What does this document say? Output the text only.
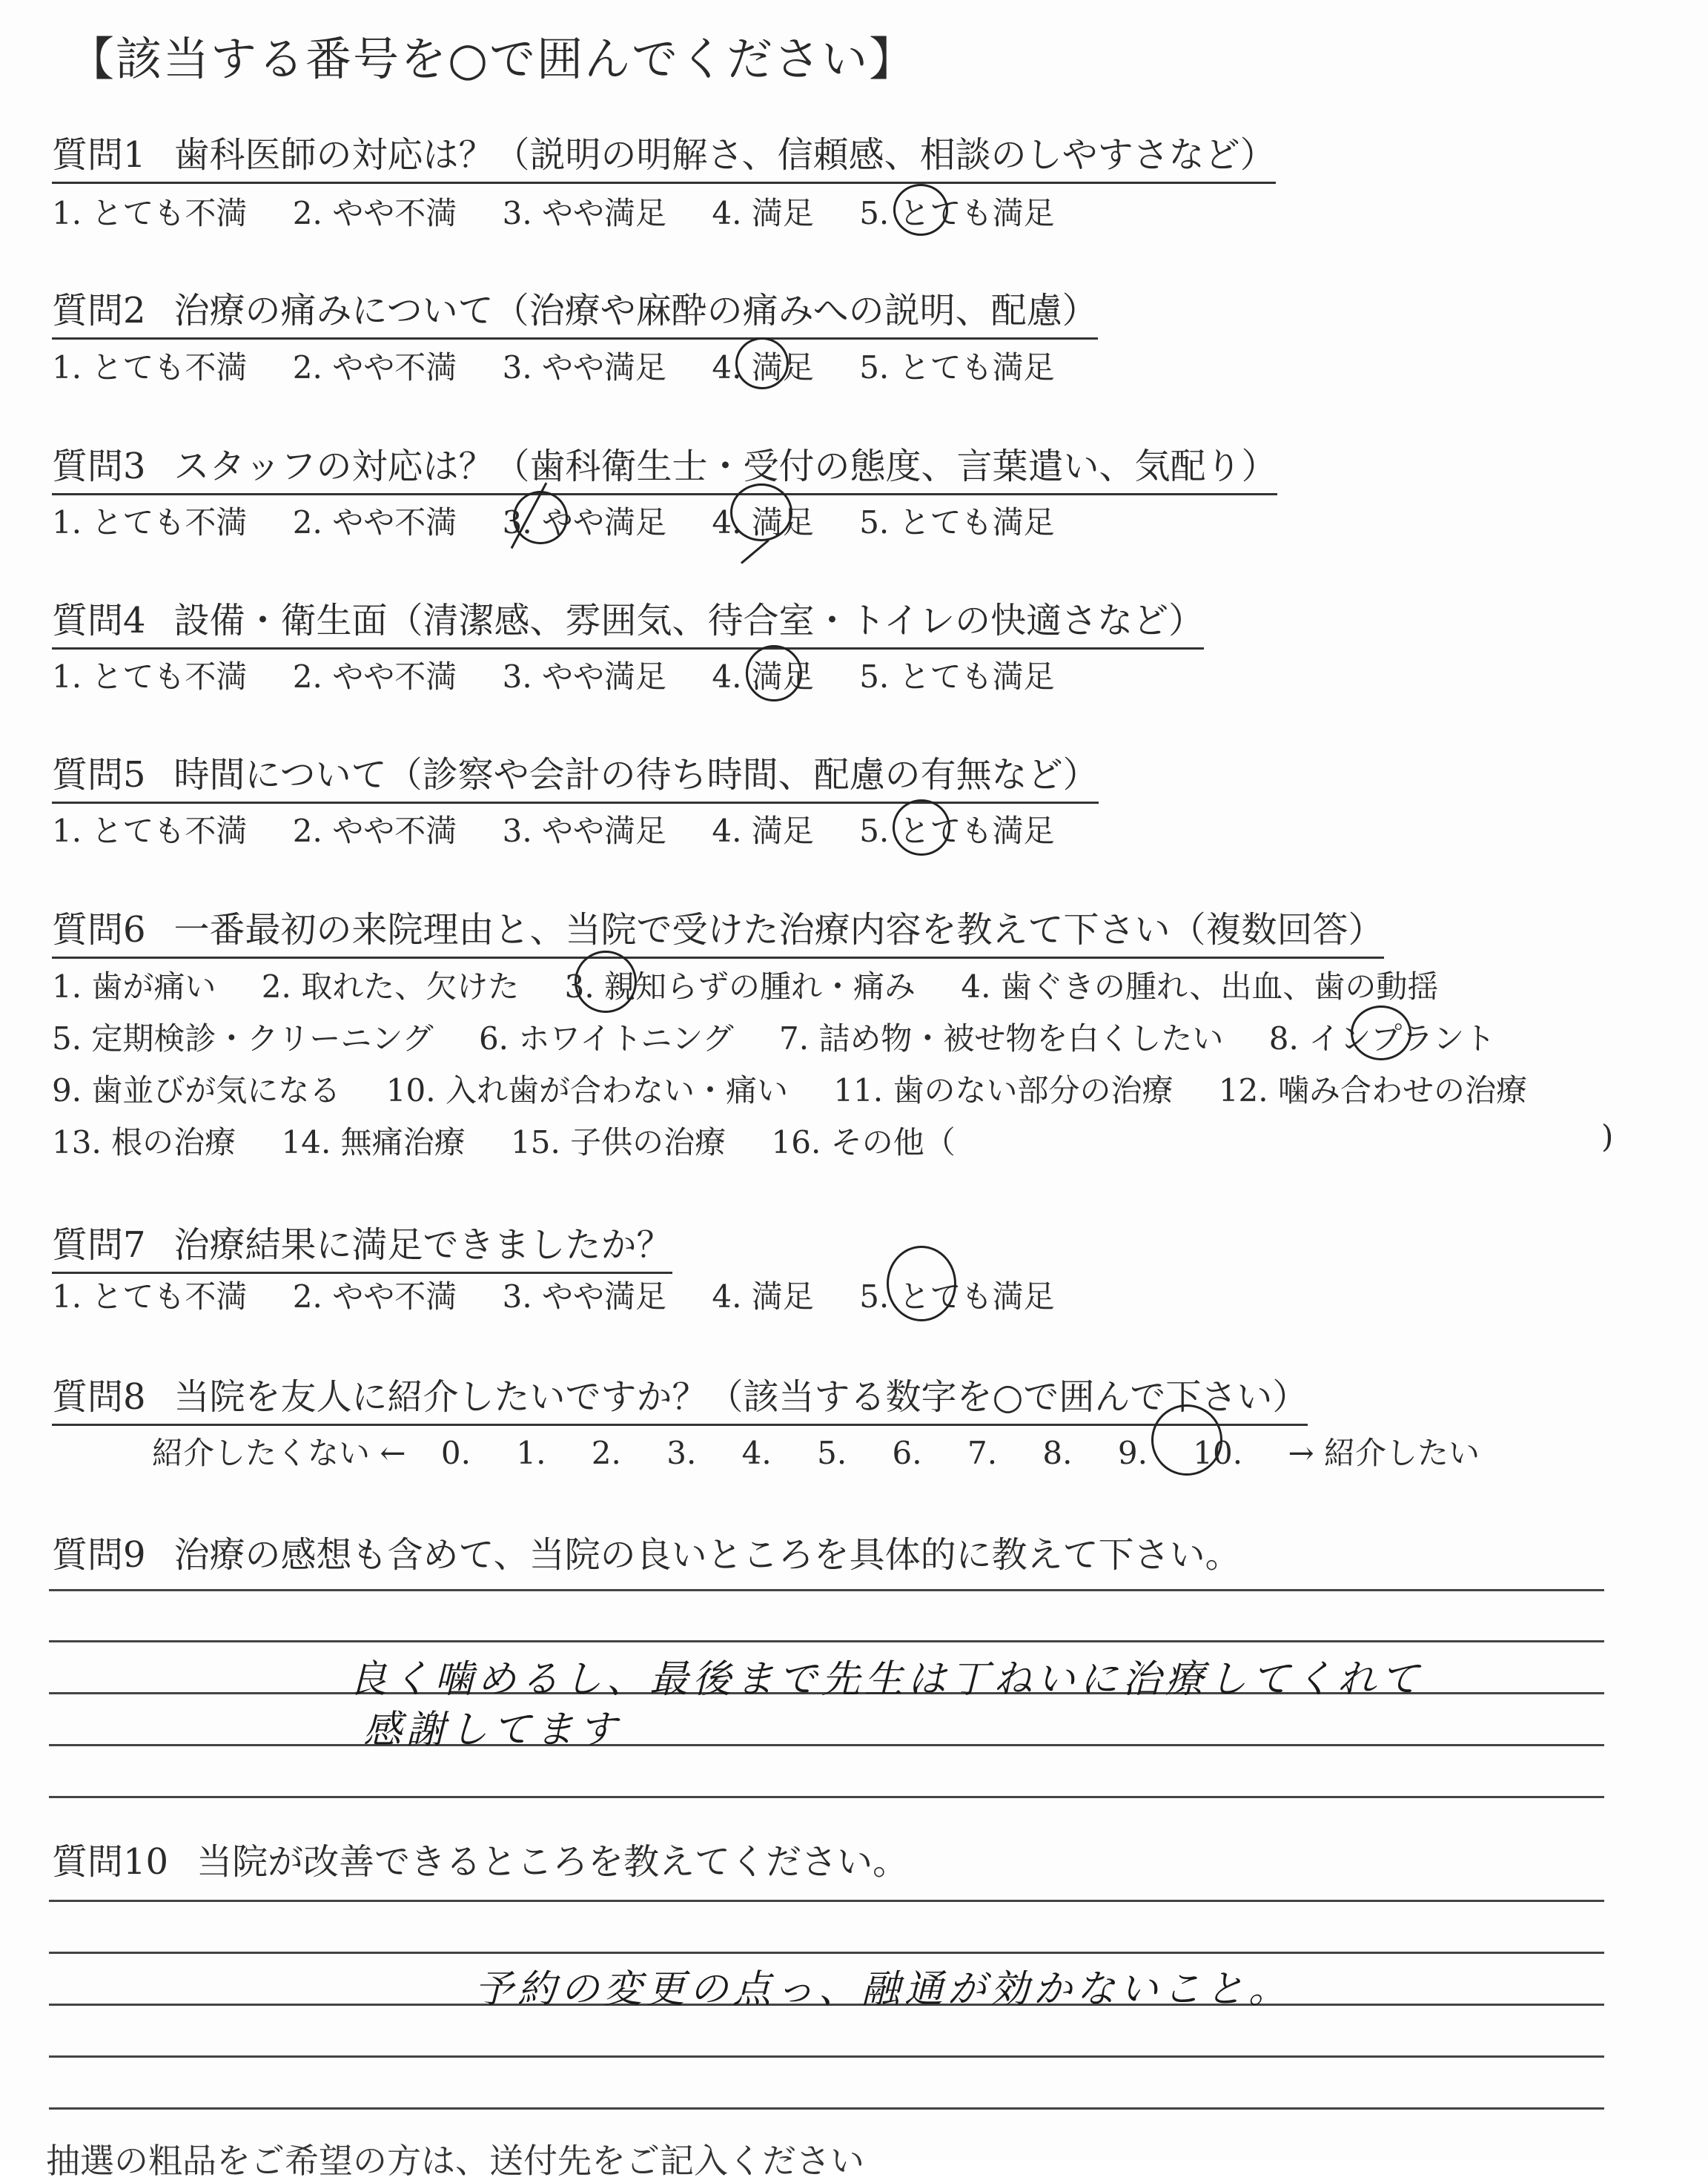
【該当する番号を○で囲んでください】
質問1 歯科医師の対応は？（説明の明解さ、信頼感、相談のしやすさなど）
1. とても不満 2. やや不満 3. やや満足 4. 満足 5. とても満足
質問2 治療の痛みについて（治療や麻酔の痛みへの説明、配慮）
1. とても不満 2. やや不満 3. やや満足 4. 満足 5. とても満足
質問3 スタッフの対応は？（歯科衛生士・受付の態度、言葉遣い、気配り）
1. とても不満 2. やや不満 3. やや満足 4. 満足 5. とても満足
質問4 設備・衛生面（清潔感、雰囲気、待合室・トイレの快適さなど）
1. とても不満 2. やや不満 3. やや満足 4. 満足 5. とても満足
質問5 時間について（診察や会計の待ち時間、配慮の有無など）
1. とても不満 2. やや不満 3. やや満足 4. 満足 5. とても満足
質問6 一番最初の来院理由と、当院で受けた治療内容を教えて下さい（複数回答）
1. 歯が痛い 2. 取れた、欠けた 3. 親知らずの腫れ・痛み 4. 歯ぐきの腫れ、出血、歯の動揺
5. 定期検診・クリーニング 6. ホワイトニング 7. 詰め物・被せ物を白くしたい 8. インプラント
9. 歯並びが気になる 10. 入れ歯が合わない・痛い 11. 歯のない部分の治療 12. 噛み合わせの治療
13. 根の治療 14. 無痛治療 15. 子供の治療 16. その他（	)
質問7 治療結果に満足できましたか？
1. とても不満 2. やや不満 3. やや満足 4. 満足 5. とても満足
質問8 当院を友人に紹介したいですか？（該当する数字を○で囲んで下さい）
紹介したくない ← 0. 1. 2. 3. 4. 5. 6. 7. 8. 9. 10. → 紹介したい
質問9 治療の感想も含めて、当院の良いところを具体的に教えて下さい。
良く噛めるし、最後まで先生は丁ねいに治療してくれて
感謝してます
質問10 当院が改善できるところを教えてください。
予約の変更の点っ、融通が効かないこと。
抽選の粗品をご希望の方は、送付先をご記入ください
